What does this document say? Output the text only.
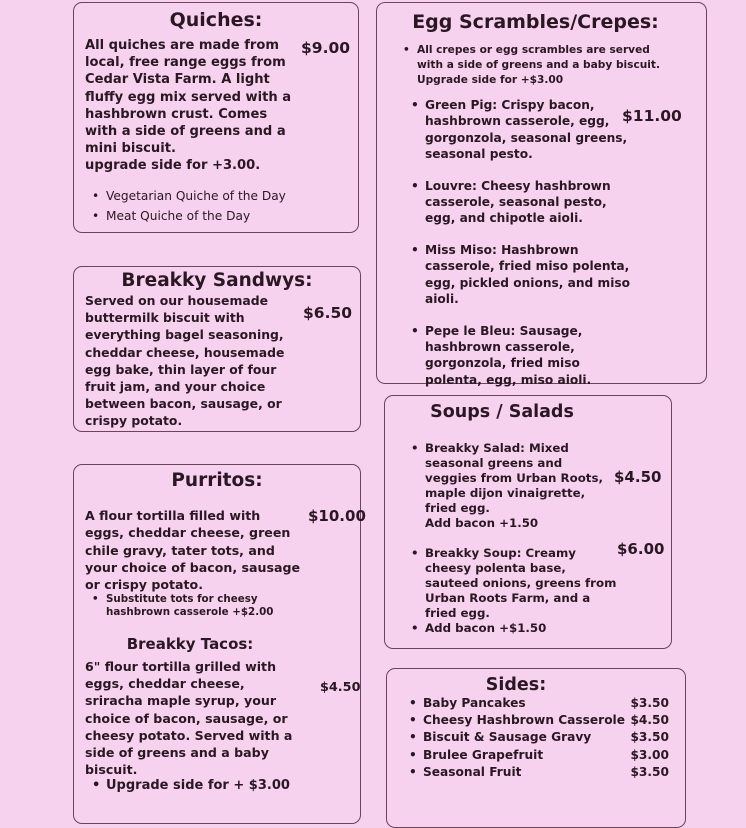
Quiches:
All quiches are made from local, free range eggs from Cedar Vista Farm. A light fluffy egg mix served with a hashbrown crust. Comes with a side of greens and a mini biscuit.
upgrade side for +3.00.
$9.00
• Vegetarian Quiche of the Day
• Meat Quiche of the Day
Breakky Sandwys:
Served on our housemade buttermilk biscuit with everything bagel seasoning, cheddar cheese, housemade egg bake, thin layer of four fruit jam, and your choice between bacon, sausage, or crispy potato.
$6.50
Purritos:
A flour tortilla filled with eggs, cheddar cheese, green chile gravy, tater tots, and your choice of bacon, sausage or crispy potato.
$10.00
• Substitute tots for cheesy hashbrown casserole +$2.00
Breakky Tacos:
6" flour tortilla grilled with eggs, cheddar cheese, sriracha maple syrup, your choice of bacon, sausage, or cheesy potato. Served with a side of greens and a baby biscuit.
$4.50
• Upgrade side for + $3.00
Egg Scrambles/Crepes:
• All crepes or egg scrambles are served with a side of greens and a baby biscuit. Upgrade side for +$3.00
• Green Pig: Crispy bacon, hashbrown casserole, egg, gorgonzola, seasonal greens, seasonal pesto.
• Louvre: Cheesy hashbrown casserole, seasonal pesto, egg, and chipotle aioli.
• Miss Miso: Hashbrown casserole, fried miso polenta, egg, pickled onions, and miso aioli.
• Pepe le Bleu: Sausage, hashbrown casserole, gorgonzola, fried miso polenta, egg, miso aioli.
$11.00
Soups / Salads
• Breakky Salad: Mixed seasonal greens and veggies from Urban Roots, maple dijon vinaigrette, fried egg.
Add bacon +1.50
• Breakky Soup: Creamy cheesy polenta base, sauteed onions, greens from Urban Roots Farm, and a fried egg.
• Add bacon +$1.50
$4.50
$6.00
Sides:
• Baby Pancakes	$3.50
• Cheesy Hashbrown Casserole $4.50
• Biscuit & Sausage Gravy	$3.50
• Brulee Grapefruit	$3.00
• Seasonal Fruit	$3.50
